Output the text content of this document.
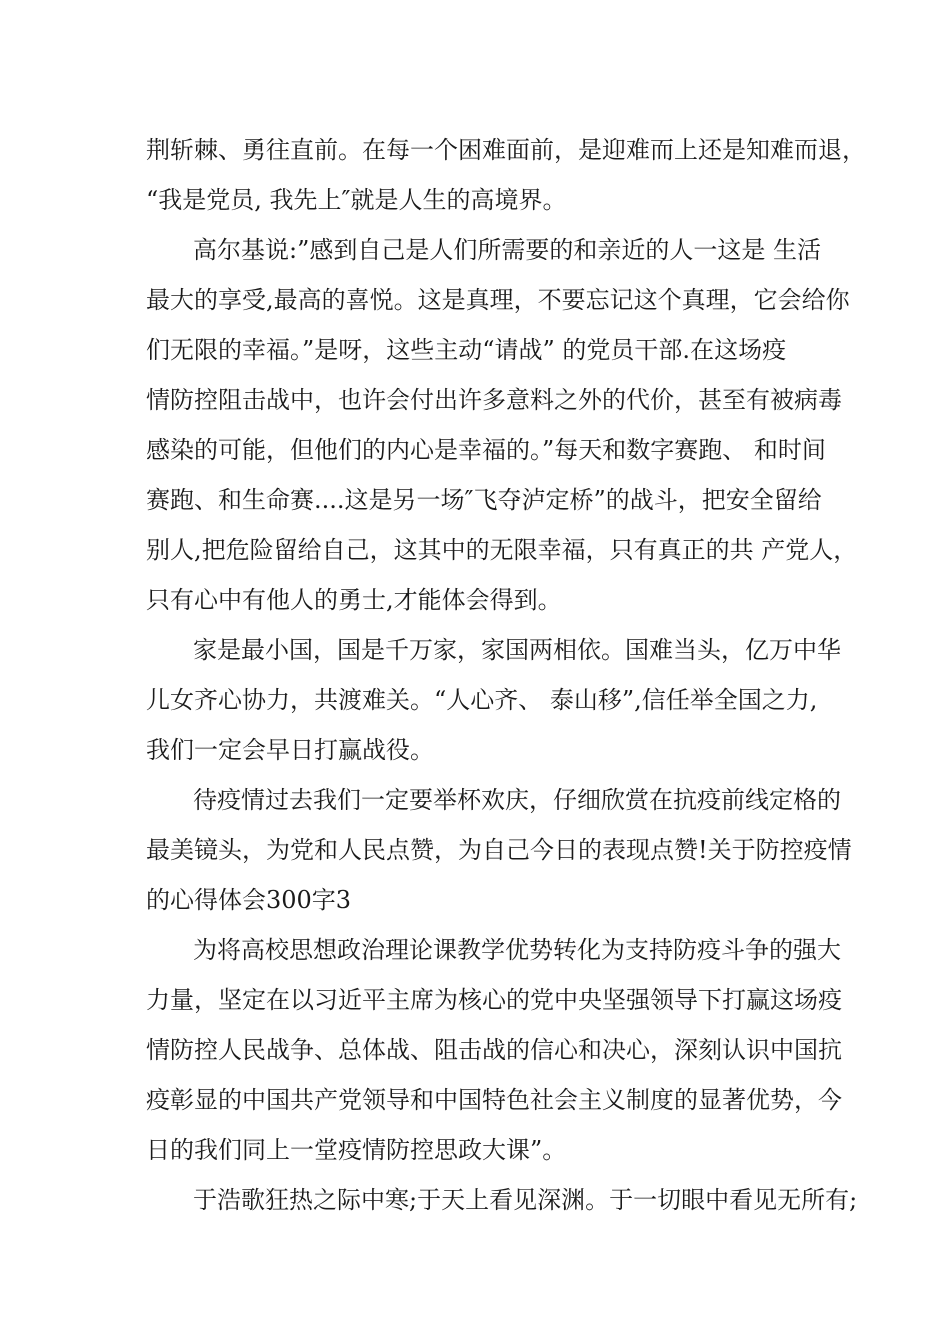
荆斩棘、勇往直前。在每一个困难面前，是迎难而上还是知难而退，
“我是党员, 我先上″就是人生的高境界。
高尔基说:”感到自己是人们所需要的和亲近的人一这是 生活
最大的享受,最高的喜悦。这是真理，不要忘记这个真理，它会给你
们无限的幸福。”是呀，这些主动“请战” 的党员干部.在这场疫
情防控阻击战中，也许会付出许多意料之外的代价，甚至有被病毒
感染的可能，但他们的内心是幸福的。”每天和数字赛跑、 和时间
赛跑、和生命赛....这是另一场″飞夺泸定桥”的战斗，把安全留给
别人,把危险留给自己，这其中的无限幸福，只有真正的共 产党人，
只有心中有他人的勇士,才能体会得到。
家是最小国，国是千万家，家国两相依。国难当头，亿万中华
儿女齐心协力，共渡难关。“人心齐、 泰山移”,信任举全国之力,
我们一定会早日打赢战役。
待疫情过去我们一定要举杯欢庆，仔细欣赏在抗疫前线定格的
最美镜头，为党和人民点赞，为自己今日的表现点赞!关于防控疫情
的心得体会300字3
为将高校思想政治理论课教学优势转化为支持防疫斗争的强大
力量，坚定在以习近平主席为核心的党中央坚强领导下打赢这场疫
情防控人民战争、总体战、阻击战的信心和决心，深刻认识中国抗
疫彰显的中国共产党领导和中国特色社会主义制度的显著优势，今
日的我们同上一堂疫情防控思政大课”。
于浩歌狂热之际中寒;于天上看见深渊。于一切眼中看见无所有;
